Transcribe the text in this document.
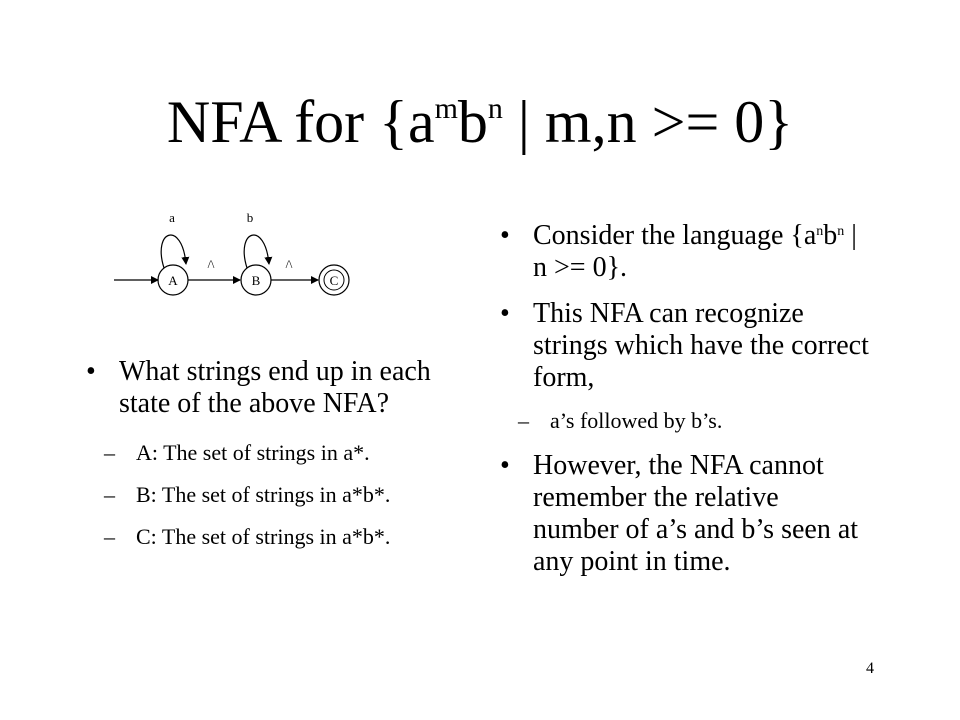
NFA for {$a^mb^n$ | m,n >= 0}
A	B	C
a	b
/\	/\
• What strings end up in each state of the above NFA?
– A: The set of strings in a*.
– B: The set of strings in a*b*.
– C: The set of strings in a*b*.
• Consider the language {$a^nb^n$ | n >= 0}.
• This NFA can recognize strings which have the correct form,
– a’s followed by b’s.
• However, the NFA cannot remember the relative number of a’s and b’s seen at any point in time.
4
